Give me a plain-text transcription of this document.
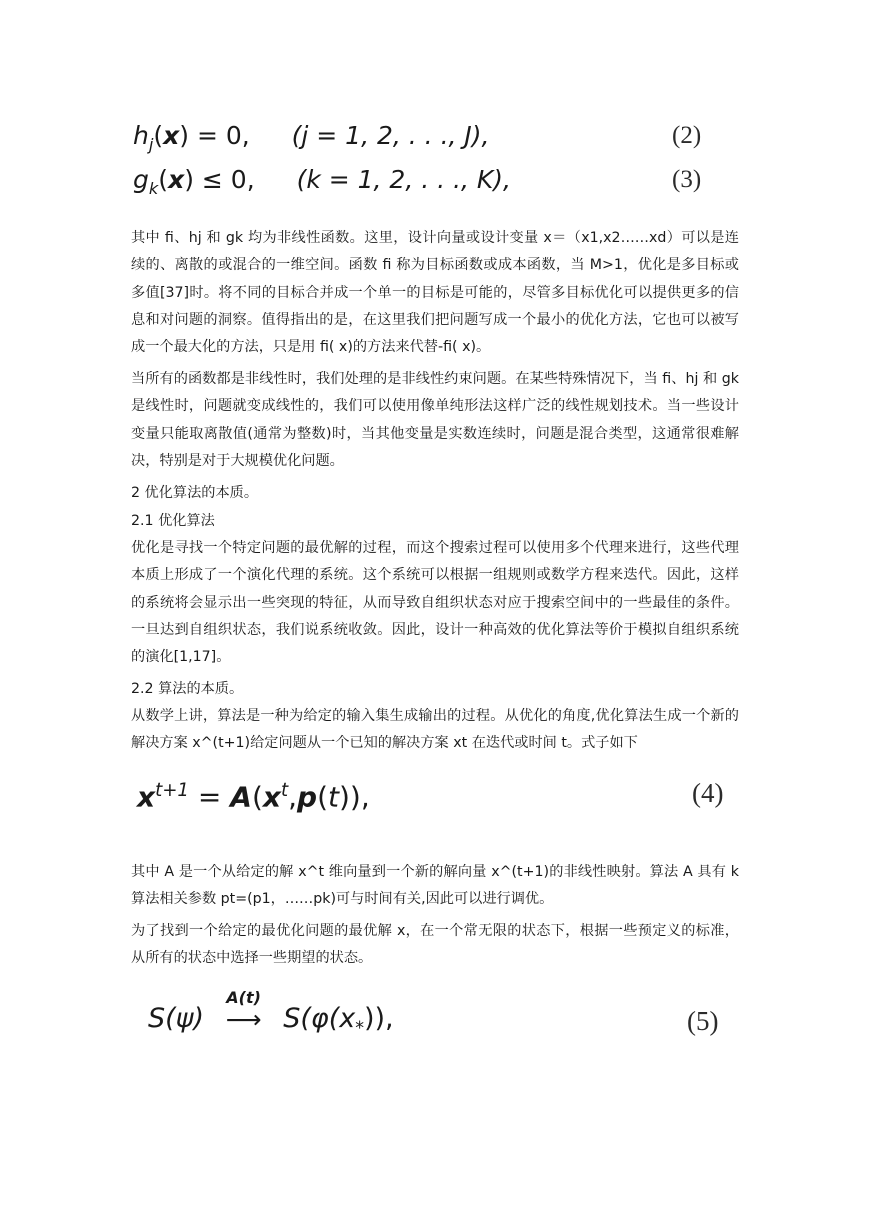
$h_j(x) = 0$, (j = 1, 2, . . ., J),	(2)
$g_k(x) \le 0$, (k = 1, 2, . . ., K),	(3)
其中 fi、hj 和 gk 均为非线性函数。这里，设计向量或设计变量 x＝（x1,x2……xd）可以是连续的、离散的或混合的一维空间。函数 fi 称为目标函数或成本函数，当 M>1，优化是多目标或多值[37]时。将不同的目标合并成一个单一的目标是可能的，尽管多目标优化可以提供更多的信息和对问题的洞察。值得指出的是，在这里我们把问题写成一个最小的优化方法，它也可以被写成一个最大化的方法，只是用 fi( x)的方法来代替-fi( x)。
当所有的函数都是非线性时，我们处理的是非线性约束问题。在某些特殊情况下，当 fi、hj 和 gk 是线性时，问题就变成线性的，我们可以使用像单纯形法这样广泛的线性规划技术。当一些设计变量只能取离散值(通常为整数)时，当其他变量是实数连续时，问题是混合类型，这通常很难解决，特别是对于大规模优化问题。
2 优化算法的本质。
2.1 优化算法
优化是寻找一个特定问题的最优解的过程，而这个搜索过程可以使用多个代理来进行，这些代理本质上形成了一个演化代理的系统。这个系统可以根据一组规则或数学方程来迭代。因此，这样的系统将会显示出一些突现的特征，从而导致自组织状态对应于搜索空间中的一些最佳的条件。一旦达到自组织状态，我们说系统收敛。因此，设计一种高效的优化算法等价于模拟自组织系统的演化[1,17]。
2.2 算法的本质。
从数学上讲，算法是一种为给定的输入集生成输出的过程。从优化的角度,优化算法生成一个新的解决方案 x^(t+1)给定问题从一个已知的解决方案 xt 在迭代或时间 t。式子如下
$x^{t+1} = A(x^t,p(t))$,	(4)
其中 A 是一个从给定的解 x^t 维向量到一个新的解向量 x^(t+1)的非线性映射。算法 A 具有 k 算法相关参数 pt=(p1，……pk)可与时间有关,因此可以进行调优。
为了找到一个给定的最优化问题的最优解 x，在一个常无限的状态下，根据一些预定义的标准，从所有的状态中选择一些期望的状态。
S(ψ)
A(t)
⟶ $S(\varphi(x_*))$,	(5)
